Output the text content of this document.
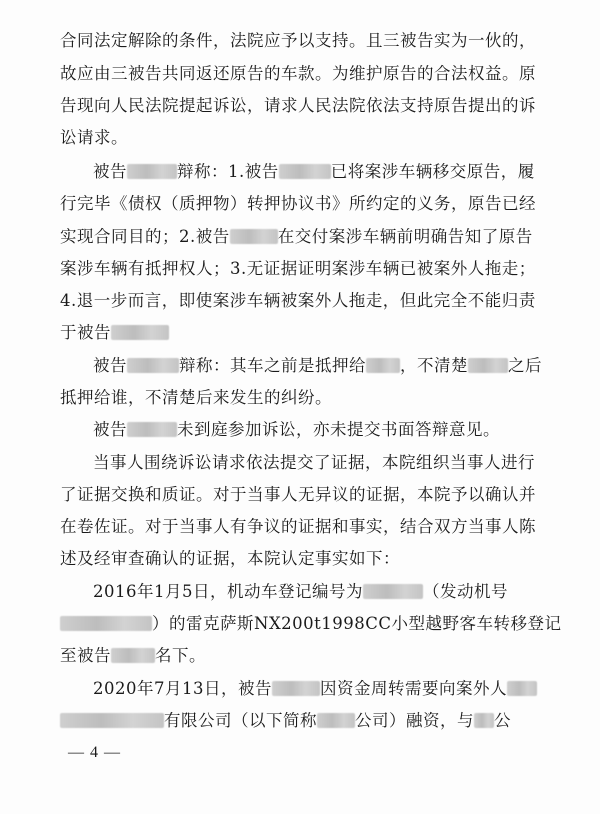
合同法定解除的条件，法院应予以支持。且三被告实为一伙的，
故应由三被告共同返还原告的车款。为维护原告的合法权益。原
告现向人民法院提起诉讼，请求人民法院依法支持原告提出的诉
讼请求。
被告	辩称：1.被告	已将案涉车辆移交原告，履
行完毕《债权（质押物）转押协议书》所约定的义务，原告已经
实现合同目的；2.被告	在交付案涉车辆前明确告知了原告
案涉车辆有抵押权人；3.无证据证明案涉车辆已被案外人拖走；
4.退一步而言，即使案涉车辆被案外人拖走，但此完全不能归责
于被告
被告	辩称：其车之前是抵押给 ，不清楚 之后
抵押给谁，不清楚后来发生的纠纷。
被告	未到庭参加诉讼，亦未提交书面答辩意见。
当事人围绕诉讼请求依法提交了证据，本院组织当事人进行
了证据交换和质证。对于当事人无异议的证据，本院予以确认并
在卷佐证。对于当事人有争议的证据和事实，结合双方当事人陈
述及经审查确认的证据，本院认定事实如下：
2016年1月5日，机动车登记编号为	（发动机号
）的雷克萨斯NX200t1998CC小型越野客车转移登记
至被告	名下。
2020年7月13日，被告	因资金周转需要向案外人
有限公司（以下简称 公司）融资，与 公
— 4 —
